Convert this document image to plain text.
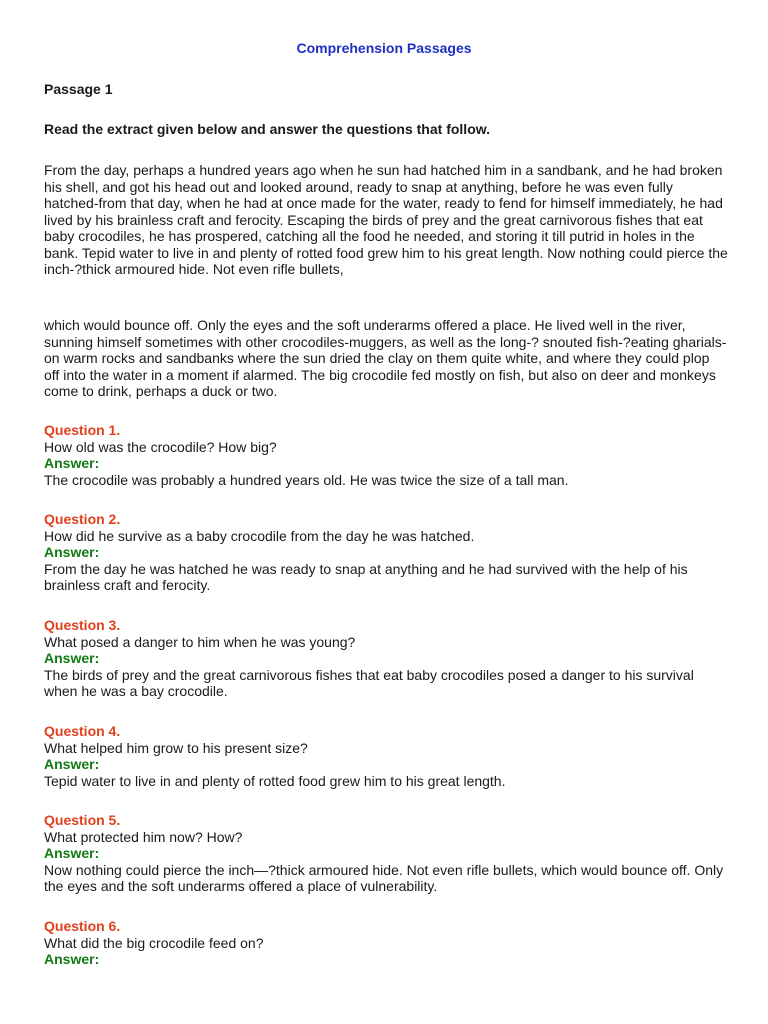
Comprehension Passages
Passage 1
Read the extract given below and answer the questions that follow.

From the day, perhaps a hundred years ago when he sun had hatched him in a sandbank, and he had broken his shell, and got his head out and looked around, ready to snap at anything, before he was even fully hatched-from that day, when he had at once made for the water, ready to fend for himself immediately, he had lived by his brainless craft and ferocity. Escaping the birds of prey and the great carnivorous fishes that eat baby crocodiles, he has prospered, catching all the food he needed, and storing it till putrid in holes in the bank. Tepid water to live in and plenty of rotted food grew him to his great length. Now nothing could pierce the inch-?thick armoured hide. Not even rifle bullets,

which would bounce off. Only the eyes and the soft underarms offered a place. He lived well in the river, sunning himself sometimes with other crocodiles-muggers, as well as the long-? snouted fish-?eating gharials-on warm rocks and sandbanks where the sun dried the clay on them quite white, and where they could plop off into the water in a moment if alarmed. The big crocodile fed mostly on fish, but also on deer and monkeys come to drink, perhaps a duck or two.

Question 1.
How old was the crocodile? How big?
Answer:
The crocodile was probably a hundred years old. He was twice the size of a tall man.
Question 2.
How did he survive as a baby crocodile from the day he was hatched.
Answer:
From the day he was hatched he was ready to snap at anything and he had survived with the help of his brainless craft and ferocity.
Question 3.
What posed a danger to him when he was young?
Answer:
The birds of prey and the great carnivorous fishes that eat baby crocodiles posed a danger to his survival when he was a bay crocodile.
Question 4.
What helped him grow to his present size?
Answer:
Tepid water to live in and plenty of rotted food grew him to his great length.
Question 5.
What protected him now? How?
Answer:
Now nothing could pierce the inch—?thick armoured hide. Not even rifle bullets, which would bounce off. Only the eyes and the soft underarms offered a place of vulnerability.
Question 6.
What did the big crocodile feed on?
Answer:
